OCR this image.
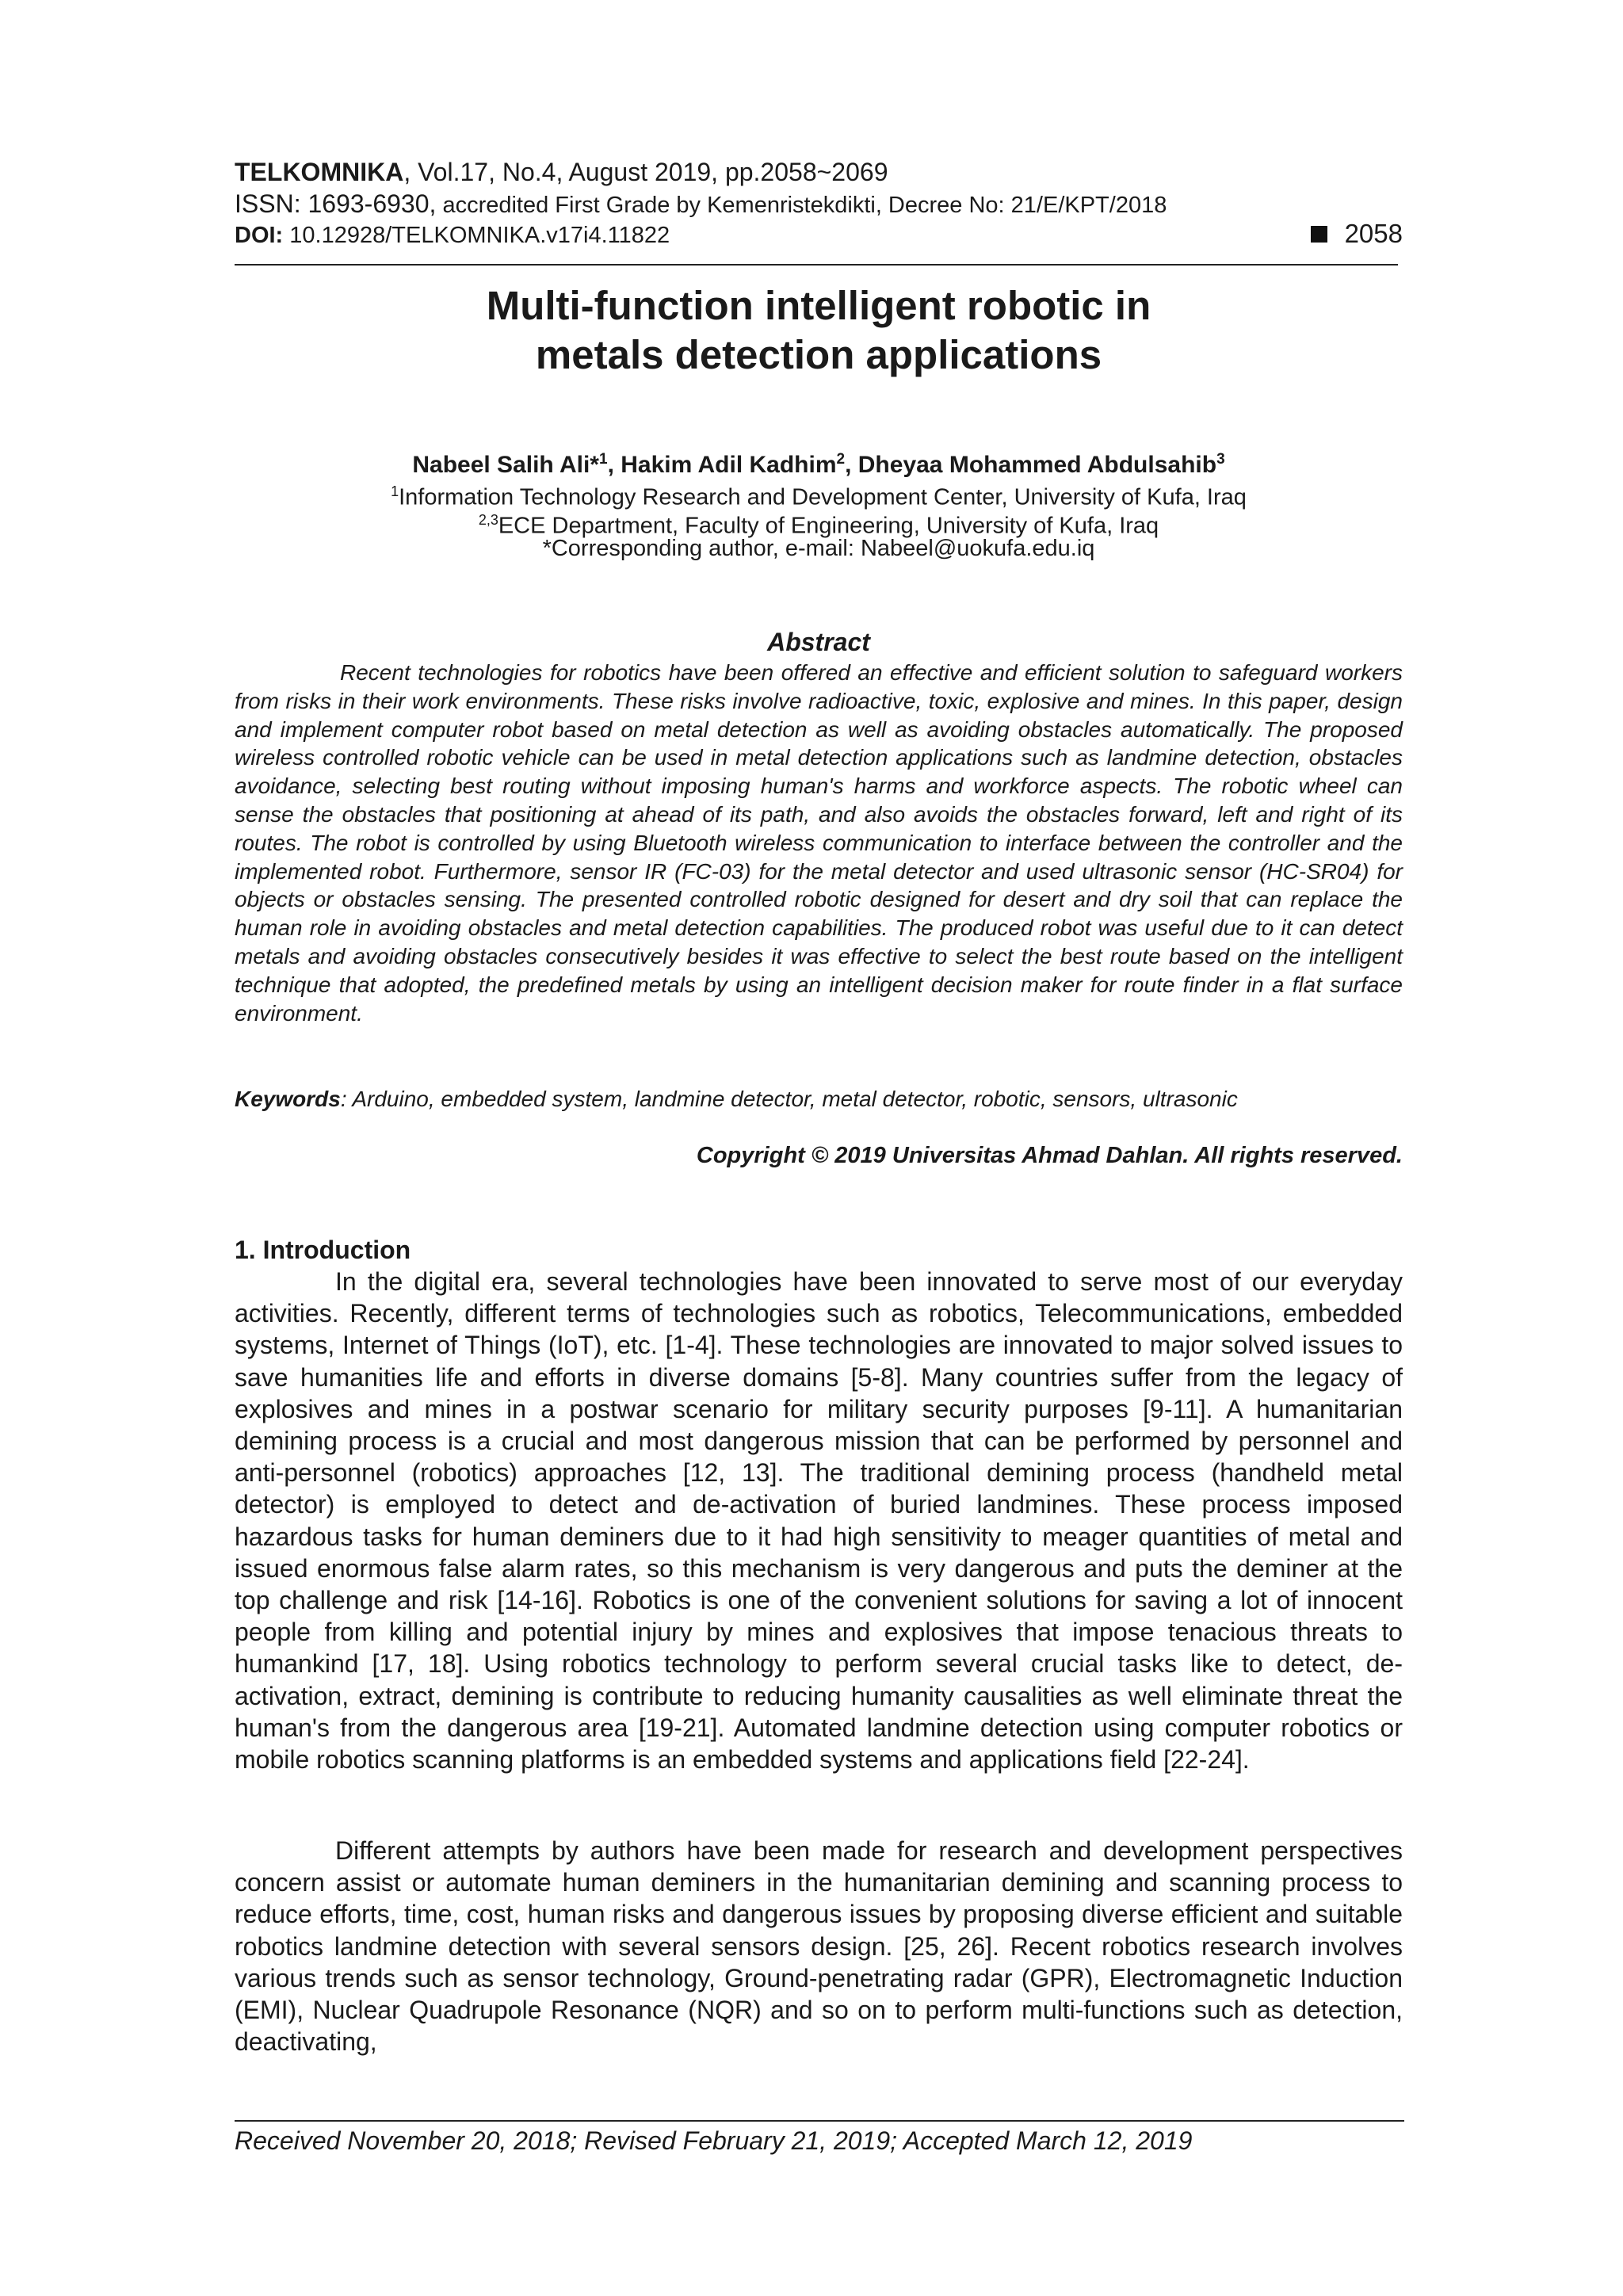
TELKOMNIKA, Vol.17, No.4, August 2019, pp.2058~2069
ISSN: 1693-6930, accredited First Grade by Kemenristekdikti, Decree No: 21/E/KPT/2018
DOI: 10.12928/TELKOMNIKA.v17i4.11822	2058
Multi-function intelligent robotic in
metals detection applications
Nabeel Salih Ali*$^1$, Hakim Adil Kadhim$^2$, Dheyaa Mohammed Abdulsahib$^3$
$^1$Information Technology Research and Development Center, University of Kufa, Iraq
$^{2,3}$ECE Department, Faculty of Engineering, University of Kufa, Iraq
*Corresponding author, e-mail: Nabeel@uokufa.edu.iq
Abstract

Recent technologies for robotics have been offered an effective and efficient solution to safeguard workers from risks in their work environments. These risks involve radioactive, toxic, explosive and mines. In this paper, design and implement computer robot based on metal detection as well as avoiding obstacles automatically. The proposed wireless controlled robotic vehicle can be used in metal detection applications such as landmine detection, obstacles avoidance, selecting best routing without imposing human's harms and workforce aspects. The robotic wheel can sense the obstacles that positioning at ahead of its path, and also avoids the obstacles forward, left and right of its routes. The robot is controlled by using Bluetooth wireless communication to interface between the controller and the implemented robot. Furthermore, sensor IR (FC-03) for the metal detector and used ultrasonic sensor (HC-SR04) for objects or obstacles sensing. The presented controlled robotic designed for desert and dry soil that can replace the human role in avoiding obstacles and metal detection capabilities. The produced robot was useful due to it can detect metals and avoiding obstacles consecutively besides it was effective to select the best route based on the intelligent technique that adopted, the predefined metals by using an intelligent decision maker for route finder in a flat surface environment.

Keywords: Arduino, embedded system, landmine detector, metal detector, robotic, sensors, ultrasonic
Copyright © 2019 Universitas Ahmad Dahlan. All rights reserved.
1. Introduction

In the digital era, several technologies have been innovated to serve most of our everyday activities. Recently, different terms of technologies such as robotics, Telecommunications, embedded systems, Internet of Things (IoT), etc. [1-4]. These technologies are innovated to major solved issues to save humanities life and efforts in diverse domains [5-8]. Many countries suffer from the legacy of explosives and mines in a postwar scenario for military security purposes [9-11]. A humanitarian demining process is a crucial and most dangerous mission that can be performed by personnel and anti-personnel (robotics) approaches [12, 13]. The traditional demining process (handheld metal detector) is employed to detect and de-activation of buried landmines. These process imposed hazardous tasks for human deminers due to it had high sensitivity to meager quantities of metal and issued enormous false alarm rates, so this mechanism is very dangerous and puts the deminer at the top challenge and risk [14-16]. Robotics is one of the convenient solutions for saving a lot of innocent people from killing and potential injury by mines and explosives that impose tenacious threats to humankind [17, 18]. Using robotics technology to perform several crucial tasks like to detect, de-activation, extract, demining is contribute to reducing humanity causalities as well eliminate threat the human's from the dangerous area [19-21]. Automated landmine detection using computer robotics or mobile robotics scanning platforms is an embedded systems and applications field [22-24].

Different attempts by authors have been made for research and development perspectives concern assist or automate human deminers in the humanitarian demining and scanning process to reduce efforts, time, cost, human risks and dangerous issues by proposing diverse efficient and suitable robotics landmine detection with several sensors design. [25, 26]. Recent robotics research involves various trends such as sensor technology, Ground-penetrating radar (GPR), Electromagnetic Induction (EMI), Nuclear Quadrupole Resonance (NQR) and so on to perform multi-functions such as detection, deactivating,

Received November 20, 2018; Revised February 21, 2019; Accepted March 12, 2019
